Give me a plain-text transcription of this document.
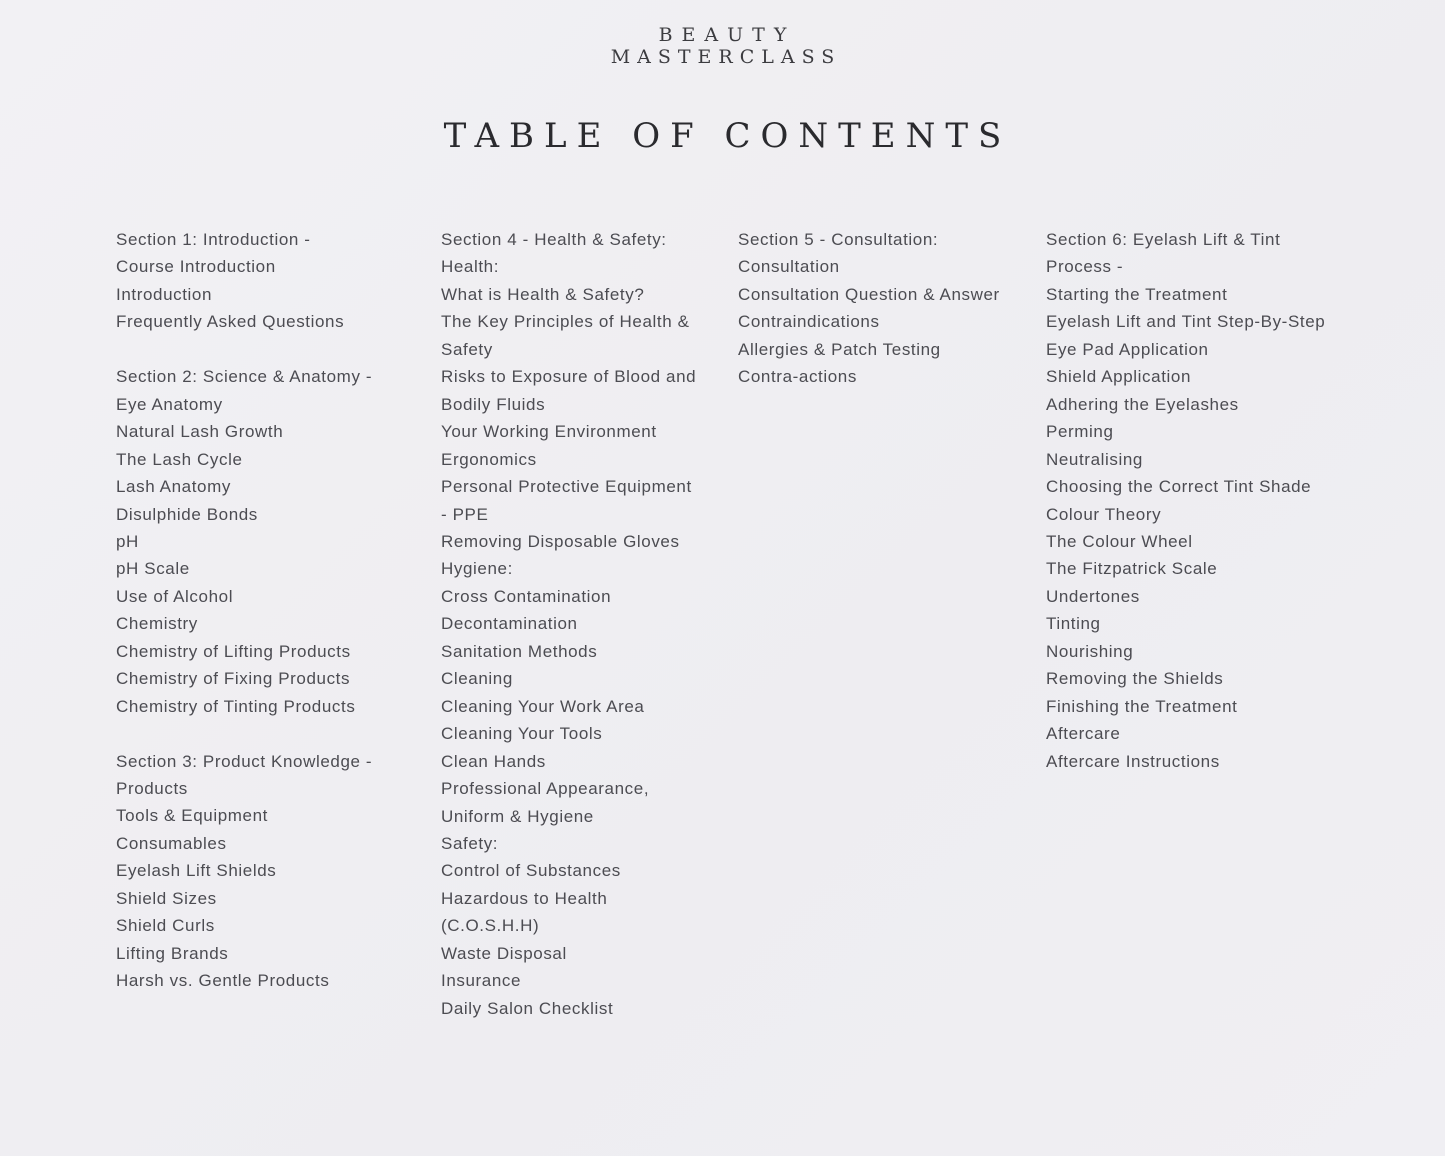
BEAUTY
MASTERCLASS
TABLE OF CONTENTS
Section 1: Introduction -
Course Introduction
Introduction
Frequently Asked Questions
Section 2: Science & Anatomy -
Eye Anatomy
Natural Lash Growth
The Lash Cycle
Lash Anatomy
Disulphide Bonds
pH
pH Scale
Use of Alcohol
Chemistry
Chemistry of Lifting Products
Chemistry of Fixing Products
Chemistry of Tinting Products
Section 3: Product Knowledge -
Products
Tools & Equipment
Consumables
Eyelash Lift Shields
Shield Sizes
Shield Curls
Lifting Brands
Harsh vs. Gentle Products
Section 4 - Health & Safety:
Health:
What is Health & Safety?
The Key Principles of Health &
Safety
Risks to Exposure of Blood and
Bodily Fluids
Your Working Environment
Ergonomics
Personal Protective Equipment
- PPE
Removing Disposable Gloves
Hygiene:
Cross Contamination
Decontamination
Sanitation Methods
Cleaning
Cleaning Your Work Area
Cleaning Your Tools
Clean Hands
Professional Appearance,
Uniform & Hygiene
Safety:
Control of Substances
Hazardous to Health
(C.O.S.H.H)
Waste Disposal
Insurance
Daily Salon Checklist
Section 5 - Consultation:
Consultation
Consultation Question & Answer
Contraindications
Allergies & Patch Testing
Contra-actions
Section 6: Eyelash Lift & Tint
Process -
Starting the Treatment
Eyelash Lift and Tint Step-By-Step
Eye Pad Application
Shield Application
Adhering the Eyelashes
Perming
Neutralising
Choosing the Correct Tint Shade
Colour Theory
The Colour Wheel
The Fitzpatrick Scale
Undertones
Tinting
Nourishing
Removing the Shields
Finishing the Treatment
Aftercare
Aftercare Instructions
